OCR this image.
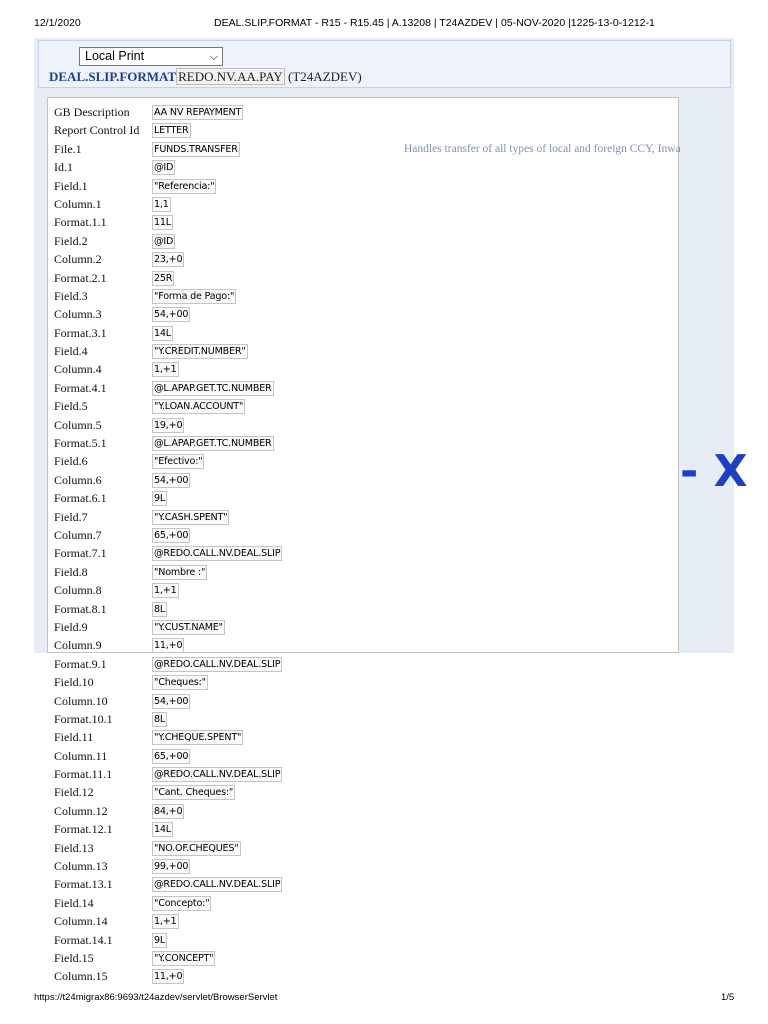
12/1/2020	DEAL.SLIP.FORMAT - R15 - R15.45 | A.13208 | T24AZDEV | 05-NOV-2020 |1225-13-0-1212-1
Local Print	⌵
DEAL.SLIP.FORMAT REDO.NV.AA.PAY (T24AZDEV)
GB Description	AA NV REPAYMENT
Report Control Id LETTER
File.1	FUNDS.TRANSFER
Id.1	@ID
Field.1	"Referencia:"
Column.1	1,1
Format.1.1	11L
Field.2	@ID
Column.2	23,+0
Format.2.1	25R
Field.3	"Forma de Pago:"
Column.3	54,+00
Format.3.1	14L
Field.4	"Y.CREDIT.NUMBER"
Column.4	1,+1
Format.4.1	@L.APAP.GET.TC.NUMBER
Field.5	"Y.LOAN.ACCOUNT"
Column.5	19,+0
Format.5.1	@L.APAP.GET.TC.NUMBER
Field.6	"Efectivo:"
Column.6	54,+00
Format.6.1	9L
Field.7	"Y.CASH.SPENT"
Column.7	65,+00
Format.7.1	@REDO.CALL.NV.DEAL.SLIP
Field.8	"Nombre :"
Column.8	1,+1
Format.8.1	8L
Field.9	"Y.CUST.NAME"
Column.9	11,+0
Format.9.1	@REDO.CALL.NV.DEAL.SLIP
Field.10	"Cheques:"
Column.10	54,+00
Format.10.1	8L
Field.11	"Y.CHEQUE.SPENT"
Column.11	65,+00
Format.11.1	@REDO.CALL.NV.DEAL.SLIP
Field.12	"Cant. Cheques:"
Column.12	84,+0
Format.12.1	14L
Field.13	"NO.OF.CHEQUES"
Column.13	99,+00
Format.13.1	@REDO.CALL.NV.DEAL.SLIP
Field.14	"Concepto:"
Column.14	1,+1
Format.14.1	9L
Field.15	"Y.CONCEPT"
Column.15	11,+0
Handles transfer of all types of local and foreign CCY, Inwa
- X
https://t24migrax86:9693/t24azdev/servlet/BrowserServlet	1/5
